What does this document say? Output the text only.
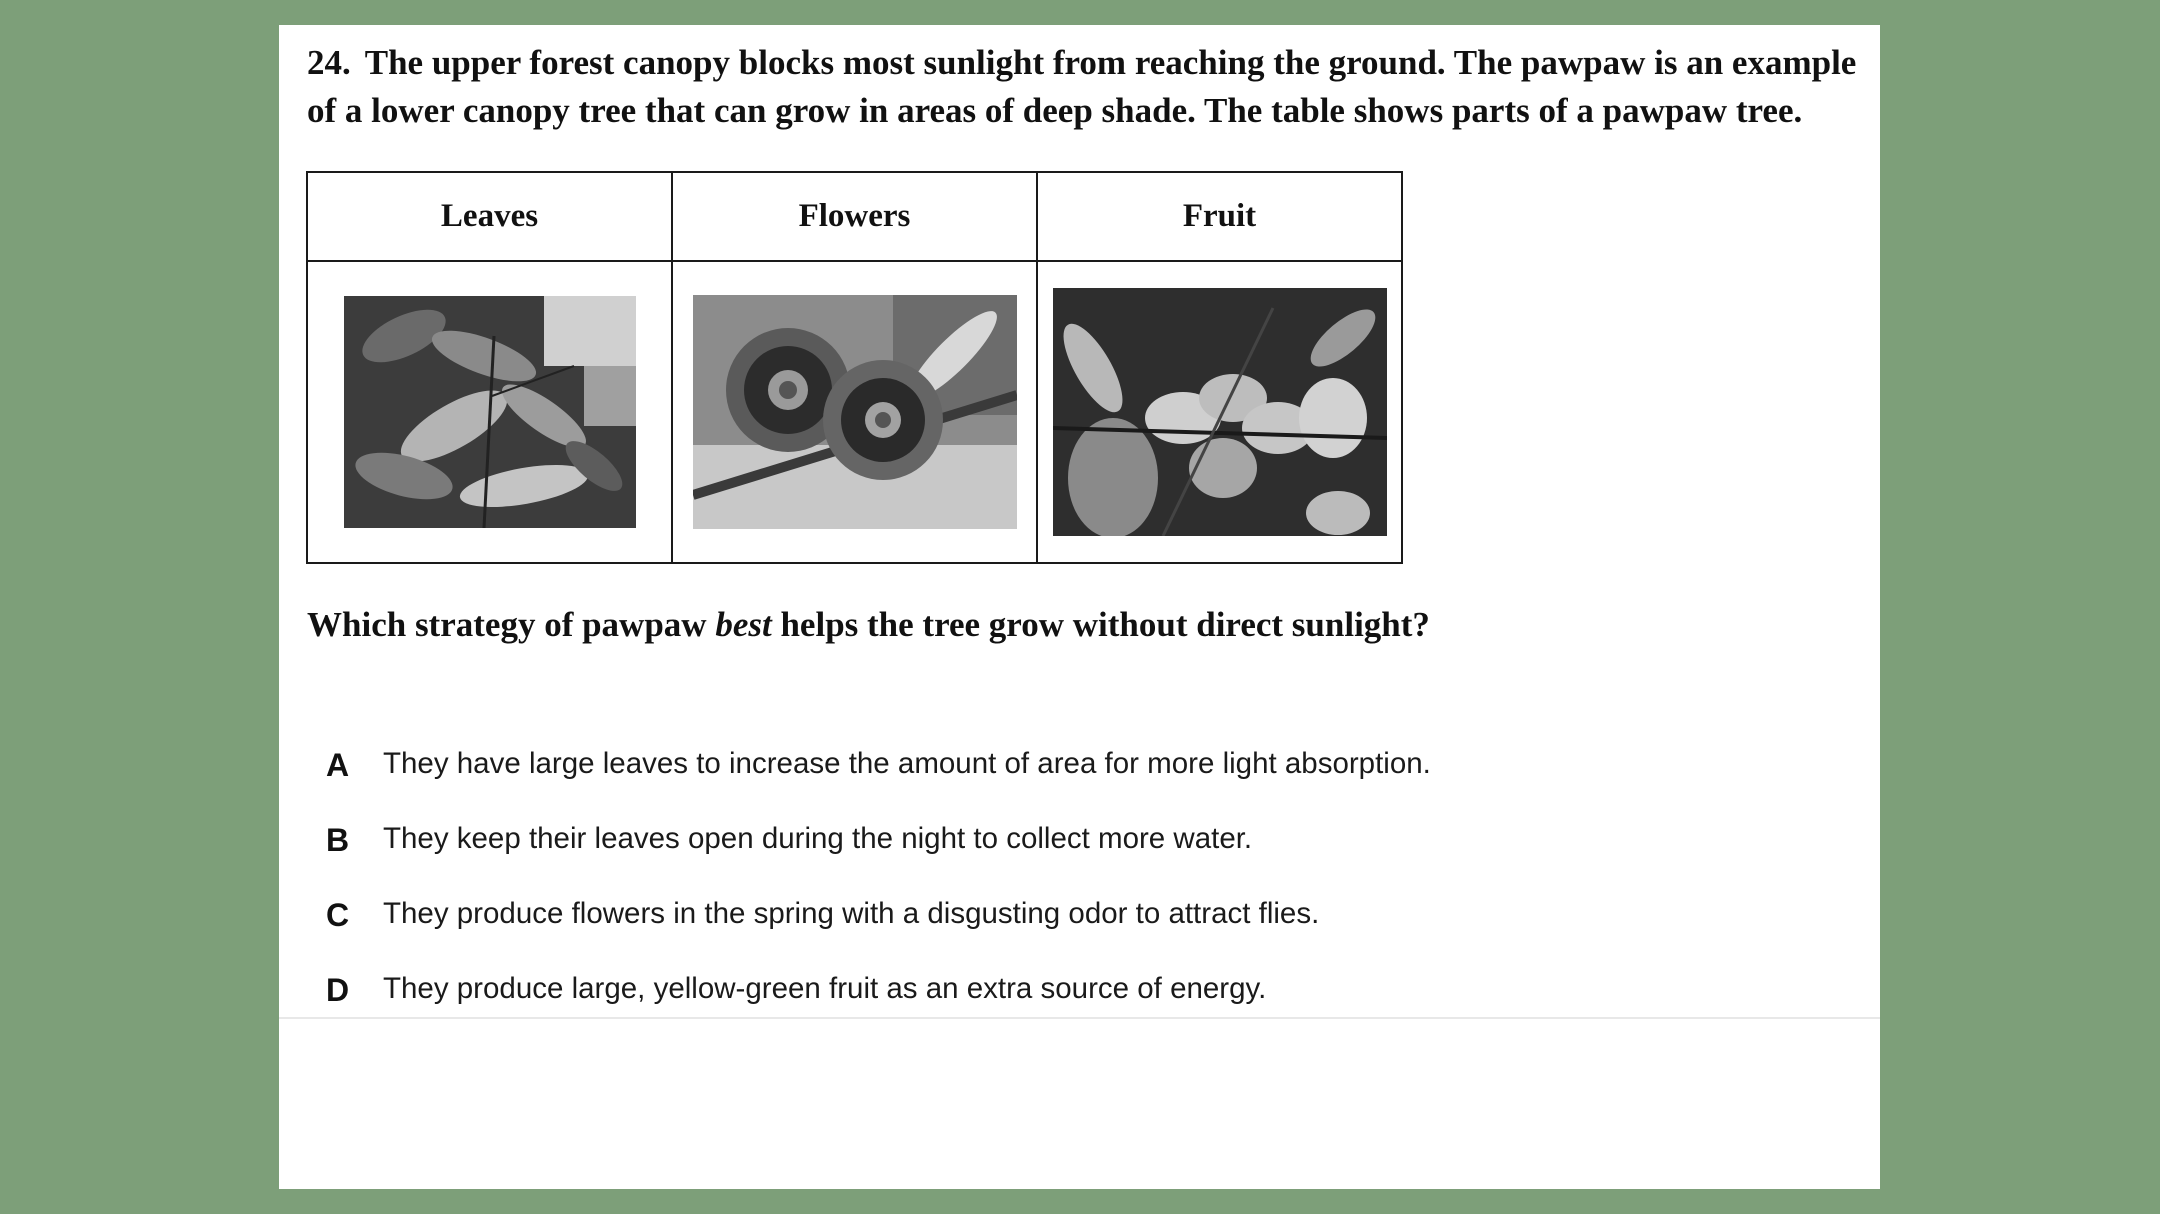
24. The upper forest canopy blocks most sunlight from reaching the ground. The pawpaw is an example of a lower canopy tree that can grow in areas of deep shade. The table shows parts of a pawpaw tree.

Leaves	Flowers	Fruit

Which strategy of pawpaw best helps the tree grow without direct sunlight?

A	They have large leaves to increase the amount of area for more light absorption.
B	They keep their leaves open during the night to collect more water.
C	They produce flowers in the spring with a disgusting odor to attract flies.
D	They produce large, yellow-green fruit as an extra source of energy.
